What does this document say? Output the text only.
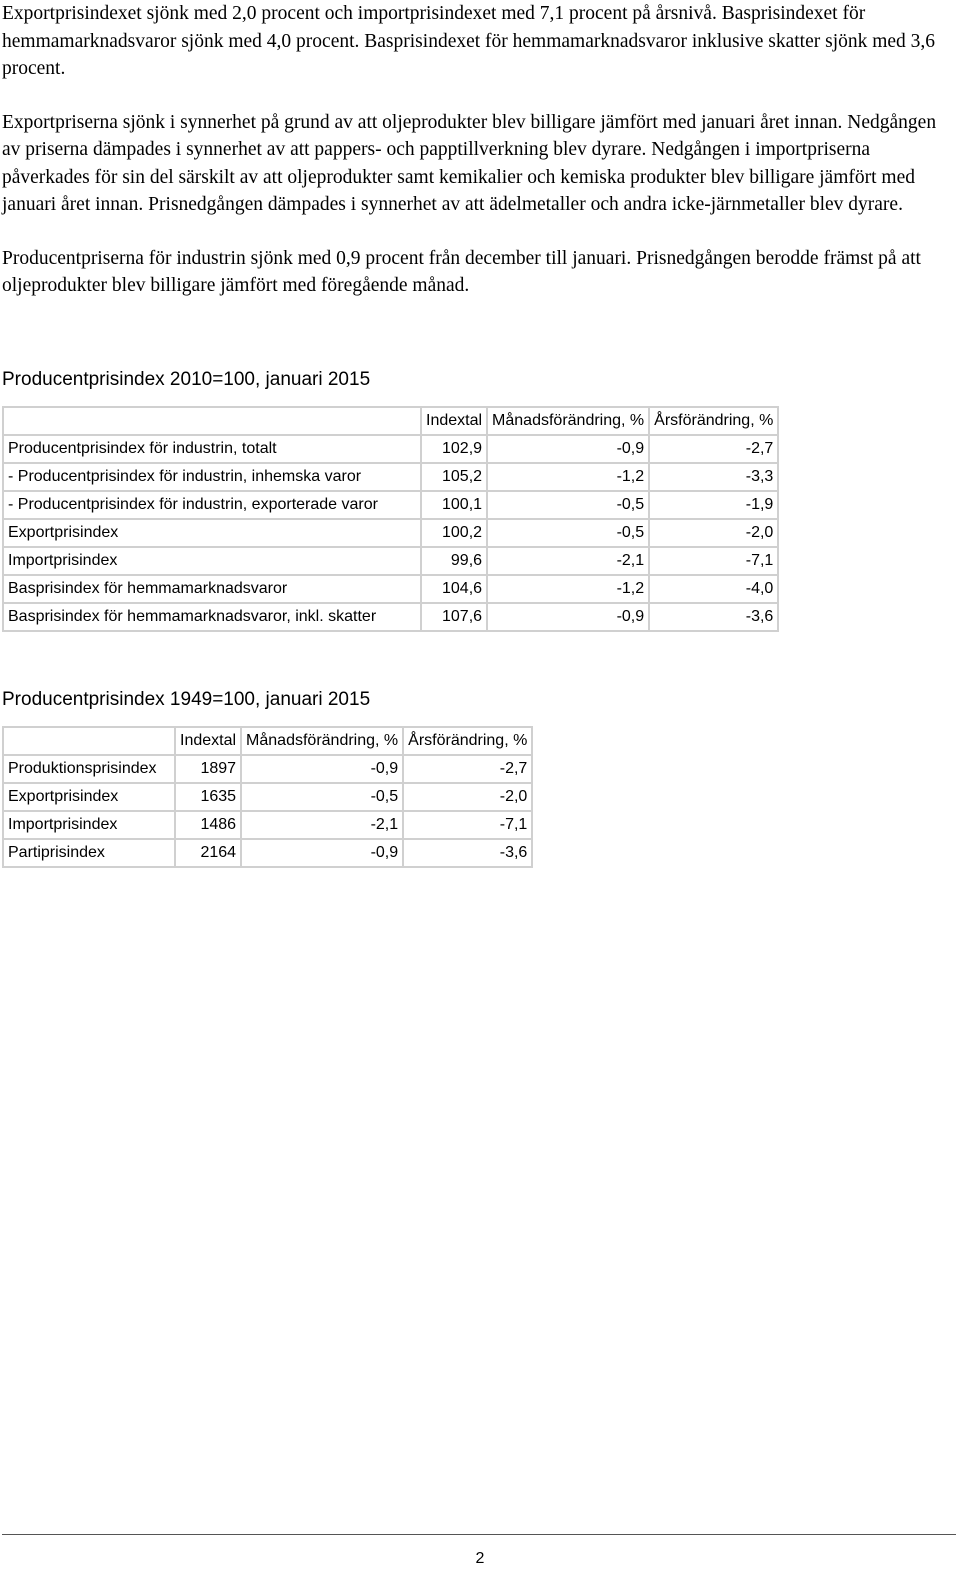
Exportprisindexet sjönk med 2,0 procent och importprisindexet med 7,1 procent på årsnivå. Basprisindexet för hemmamarknadsvaror sjönk med 4,0 procent. Basprisindexet för hemmamarknadsvaror inklusive skatter sjönk med 3,6 procent.

Exportpriserna sjönk i synnerhet på grund av att oljeprodukter blev billigare jämfört med januari året innan. Nedgången av priserna dämpades i synnerhet av att pappers- och papptillverkning blev dyrare. Nedgången i importpriserna påverkades för sin del särskilt av att oljeprodukter samt kemikalier och kemiska produkter blev billigare jämfört med januari året innan. Prisnedgången dämpades i synnerhet av att ädelmetaller och andra icke-järnmetaller blev dyrare.

Producentpriserna för industrin sjönk med 0,9 procent från december till januari. Prisnedgången berodde främst på att oljeprodukter blev billigare jämfört med föregående månad.

Producentprisindex 2010=100, januari 2015
	Indextal	Månadsförändring, %	Årsförändring, %
Producentprisindex för industrin, totalt	102,9	-0,9	-2,7
- Producentprisindex för industrin, inhemska varor	105,2	-1,2	-3,3
- Producentprisindex för industrin, exporterade varor	100,1	-0,5	-1,9
Exportprisindex	100,2	-0,5	-2,0
Importprisindex	99,6	-2,1	-7,1
Basprisindex för hemmamarknadsvaror	104,6	-1,2	-4,0
Basprisindex för hemmamarknadsvaror, inkl. skatter	107,6	-0,9	-3,6
Producentprisindex 1949=100, januari 2015
	Indextal	Månadsförändring, %	Årsförändring, %
Produktionsprisindex	1897	-0,9	-2,7
Exportprisindex	1635	-0,5	-2,0
Importprisindex	1486	-2,1	-7,1
Partiprisindex	2164	-0,9	-3,6
2
